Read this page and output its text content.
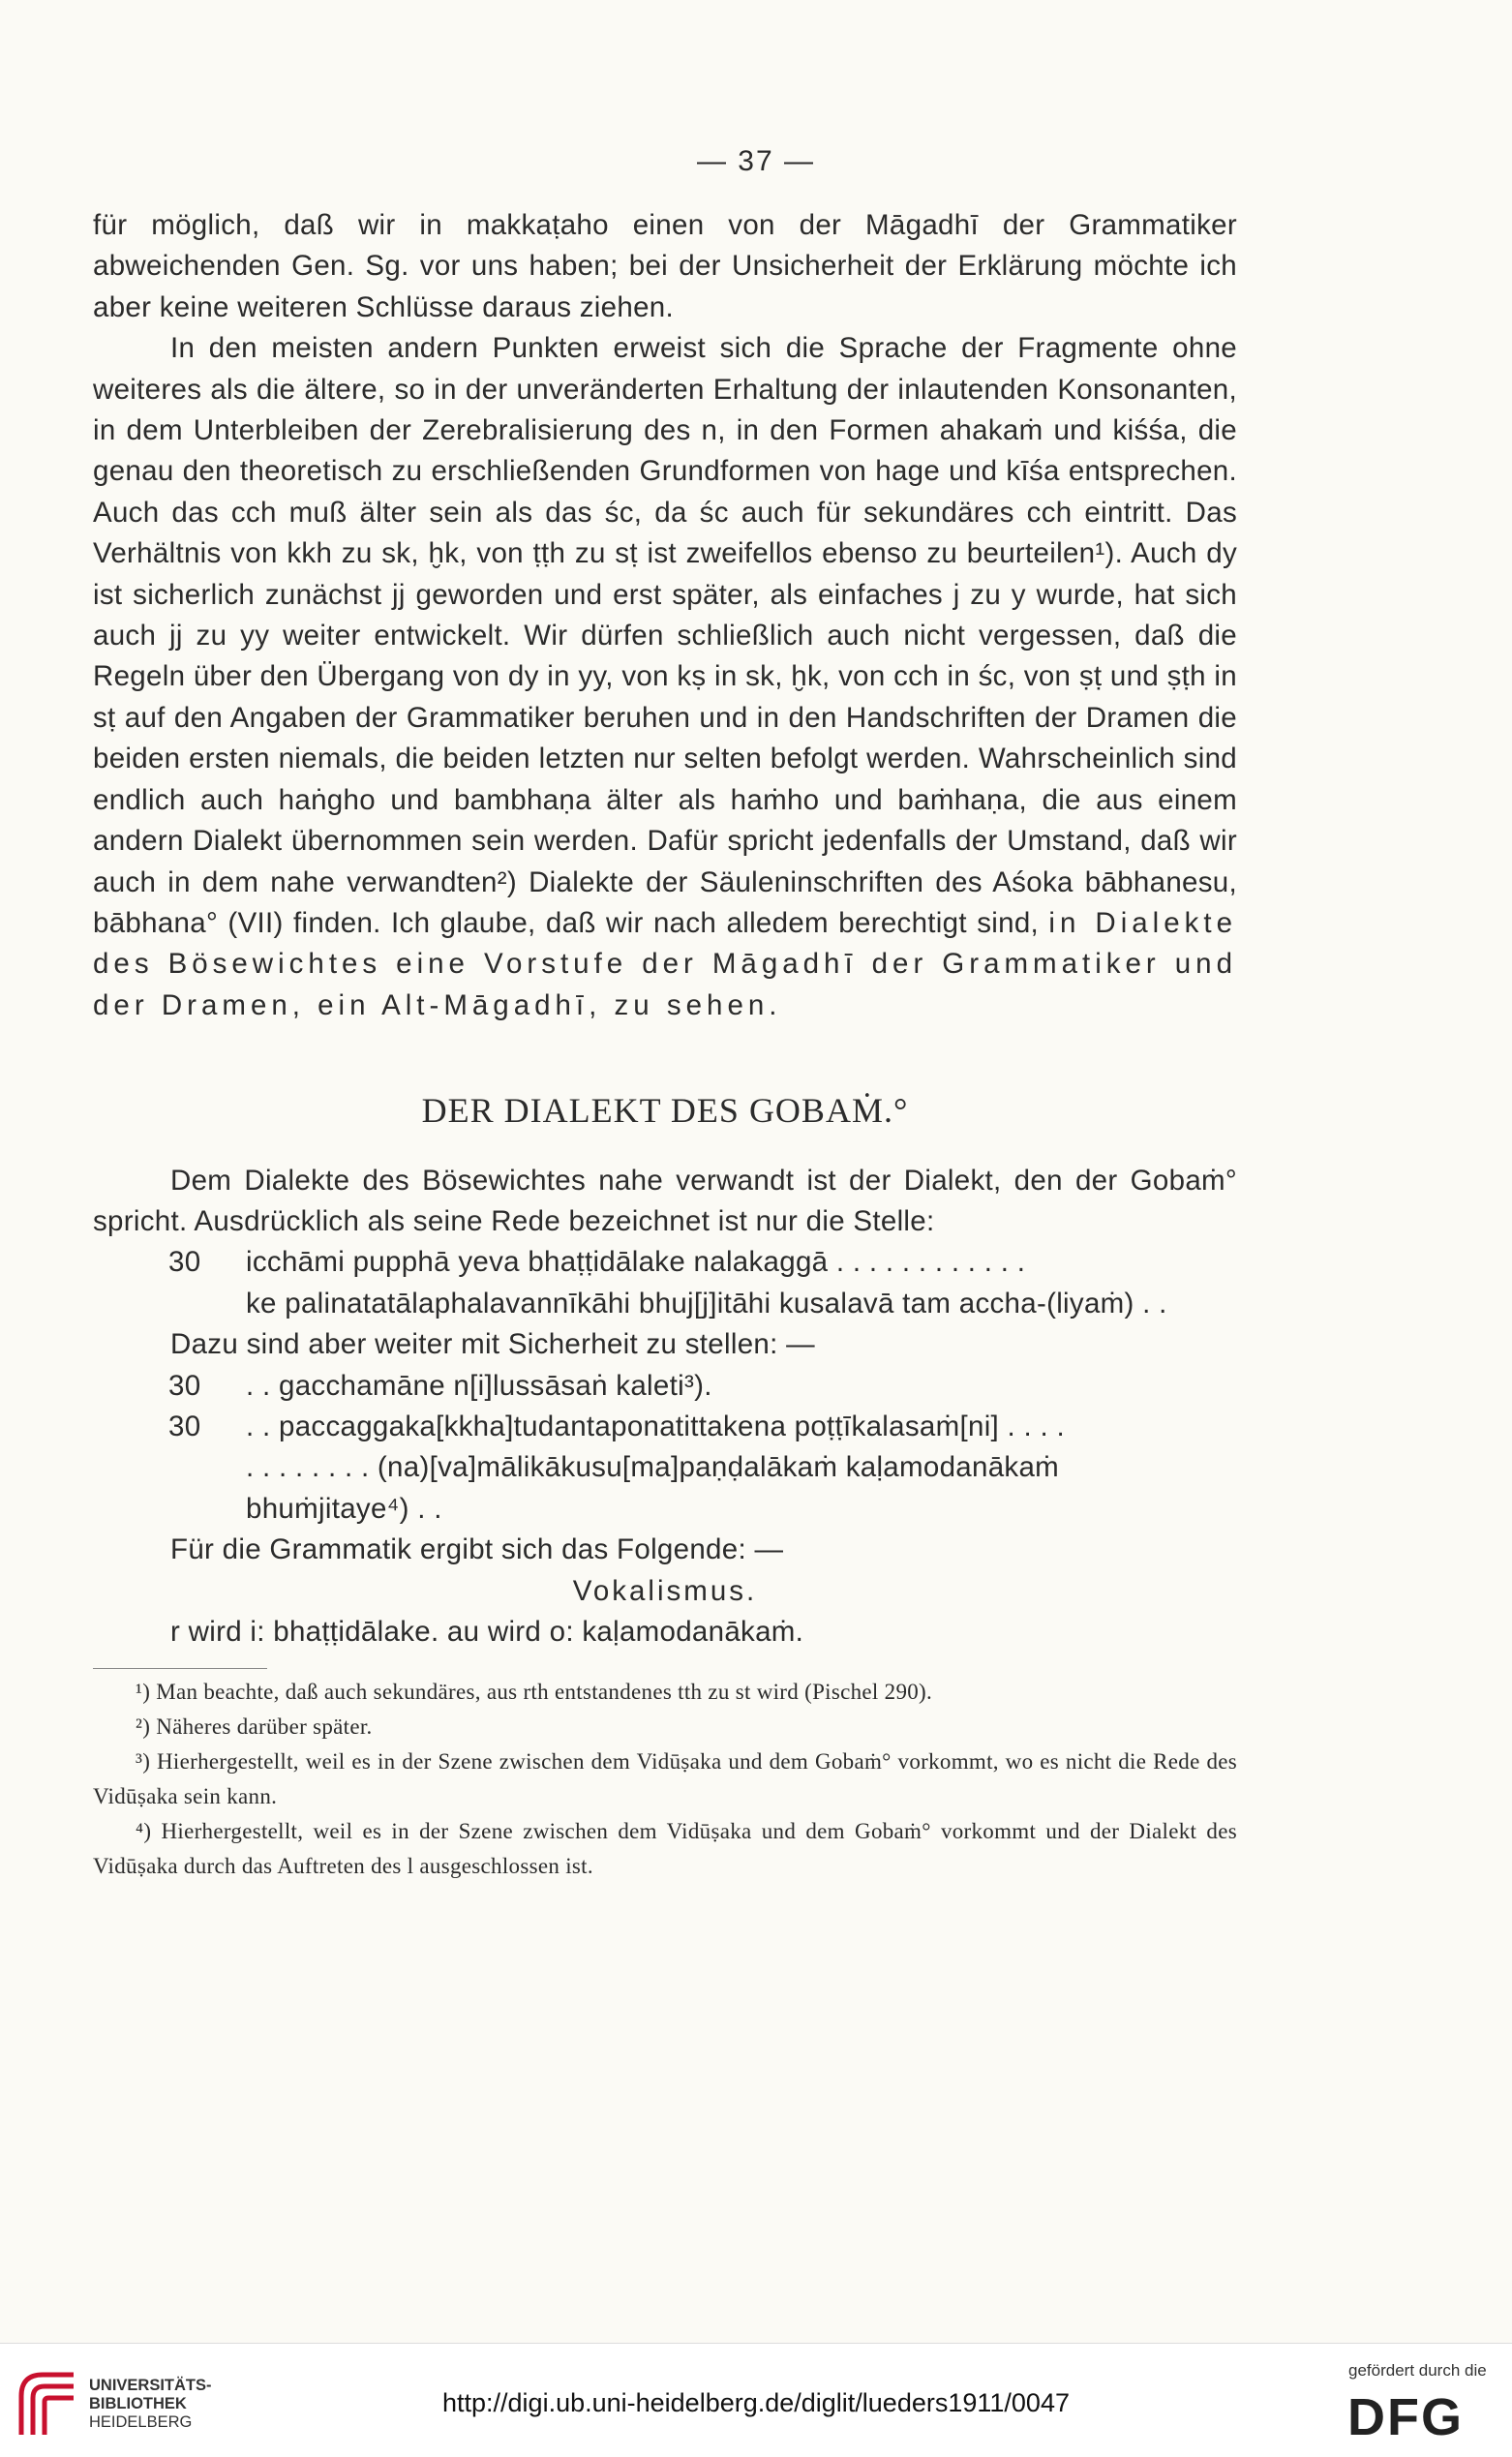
— 37 —

für möglich, daß wir in makkaṭaho einen von der Māgadhī der Grammatiker abweichenden Gen. Sg. vor uns haben; bei der Unsicherheit der Erklärung möchte ich aber keine weiteren Schlüsse daraus ziehen.

In den meisten andern Punkten erweist sich die Sprache der Fragmente ohne weiteres als die ältere, so in der unveränderten Erhaltung der inlautenden Konsonanten, in dem Unterbleiben der Zerebralisierung des n, in den Formen ahakaṁ und kiśśa, die genau den theoretisch zu erschließenden Grundformen von hage und kīśa entsprechen. Auch das cch muß älter sein als das śc, da śc auch für sekundäres cch eintritt. Das Verhältnis von kkh zu sk, ḫk, von ṭṭh zu sṭ ist zweifellos ebenso zu beurteilen¹). Auch dy ist sicherlich zunächst jj geworden und erst später, als einfaches j zu y wurde, hat sich auch jj zu yy weiter entwickelt. Wir dürfen schließlich auch nicht vergessen, daß die Regeln über den Übergang von dy in yy, von kṣ in sk, ḫk, von cch in śc, von ṣṭ und ṣṭh in sṭ auf den Angaben der Grammatiker beruhen und in den Handschriften der Dramen die beiden ersten niemals, die beiden letzten nur selten befolgt werden. Wahrscheinlich sind endlich auch haṅgho und bambhaṇa älter als haṁho und baṁhaṇa, die aus einem andern Dialekt übernommen sein werden. Dafür spricht jedenfalls der Umstand, daß wir auch in dem nahe verwandten²) Dialekte der Säuleninschriften des Aśoka bābhanesu, bābhana° (VII) finden. Ich glaube, daß wir nach alledem berechtigt sind, in Dialekte des Bösewichtes eine Vorstufe der Māgadhī der Grammatiker und der Dramen, ein Alt-Māgadhī, zu sehen.

DER DIALEKT DES GOBAṀ.°

Dem Dialekte des Bösewichtes nahe verwandt ist der Dialekt, den der Gobaṁ° spricht. Ausdrücklich als seine Rede bezeichnet ist nur die Stelle:

30	icchāmi pupphā yeva bhaṭṭidālake nalakaggā . . . . . . . . . . . .

ke palinatatālaphalavannīkāhi bhuj[j]itāhi kusalavā tam accha-(liyaṁ) . .

Dazu sind aber weiter mit Sicherheit zu stellen: —

30	. . gacchamāne n[i]lussāsaṅ kaleti³).
30	. . paccaggaka[kkha]tudantaponatittakena poṭṭīkalasaṁ[ni] . . . .

. . . . . . . . (na)[va]mālikākusu[ma]paṇḍalākaṁ kaḷamodanākaṁ

bhuṁjitaye⁴) . .

Für die Grammatik ergibt sich das Folgende: —

Vokalismus.

r wird i: bhaṭṭidālake. au wird o: kaḷamodanākaṁ.

¹) Man beachte, daß auch sekundäres, aus rth entstandenes tth zu st wird (Pischel 290).

²) Näheres darüber später.

³) Hierhergestellt, weil es in der Szene zwischen dem Vidūṣaka und dem Gobaṁ° vorkommt, wo es nicht die Rede des Vidūṣaka sein kann.

⁴) Hierhergestellt, weil es in der Szene zwischen dem Vidūṣaka und dem Gobaṁ° vorkommt und der Dialekt des Vidūṣaka durch das Auftreten des l ausgeschlossen ist.

UNIVERSITÄTS-
BIBLIOTHEK
HEIDELBERG
http://digi.ub.uni-heidelberg.de/diglit/lueders1911/0047
gefördert durch die
DFG
